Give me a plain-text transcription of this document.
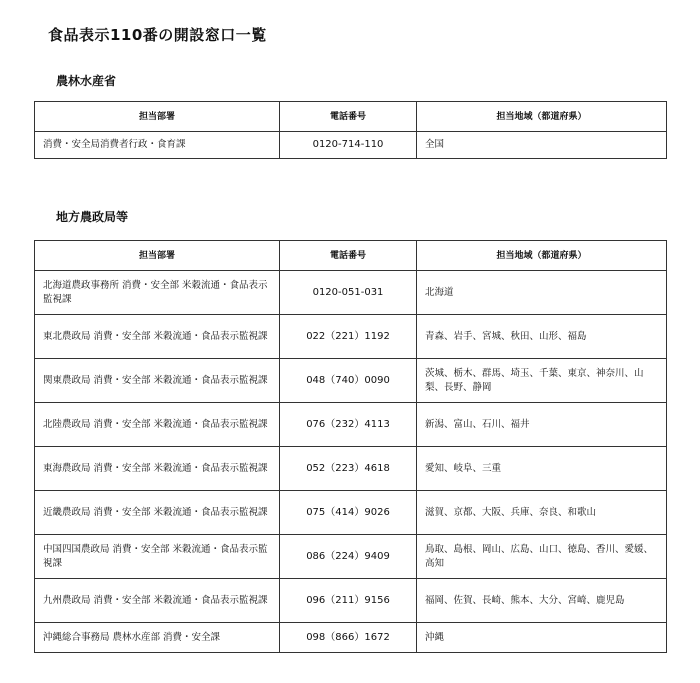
食品表示110番の開設窓口一覧
農林水産省
担当部署	電話番号	担当地域（都道府県）
消費・安全局消費者行政・食育課	0120-714-110	全国
地方農政局等
担当部署	電話番号	担当地域（都道府県）
北海道農政事務所 消費・安全部 米穀流通・食品表示監視課	0120-051-031	北海道
東北農政局 消費・安全部 米穀流通・食品表示監視課	022（221）1192	青森、岩手、宮城、秋田、山形、福島
関東農政局 消費・安全部 米穀流通・食品表示監視課	048（740）0090	茨城、栃木、群馬、埼玉、千葉、東京、神奈川、山梨、長野、静岡
北陸農政局 消費・安全部 米穀流通・食品表示監視課	076（232）4113	新潟、富山、石川、福井
東海農政局 消費・安全部 米穀流通・食品表示監視課	052（223）4618	愛知、岐阜、三重
近畿農政局 消費・安全部 米穀流通・食品表示監視課	075（414）9026	滋賀、京都、大阪、兵庫、奈良、和歌山
中国四国農政局 消費・安全部 米穀流通・食品表示監視課	086（224）9409	鳥取、島根、岡山、広島、山口、徳島、香川、愛媛、高知
九州農政局 消費・安全部 米穀流通・食品表示監視課	096（211）9156	福岡、佐賀、長崎、熊本、大分、宮崎、鹿児島
沖縄総合事務局 農林水産部 消費・安全課	098（866）1672	沖縄
